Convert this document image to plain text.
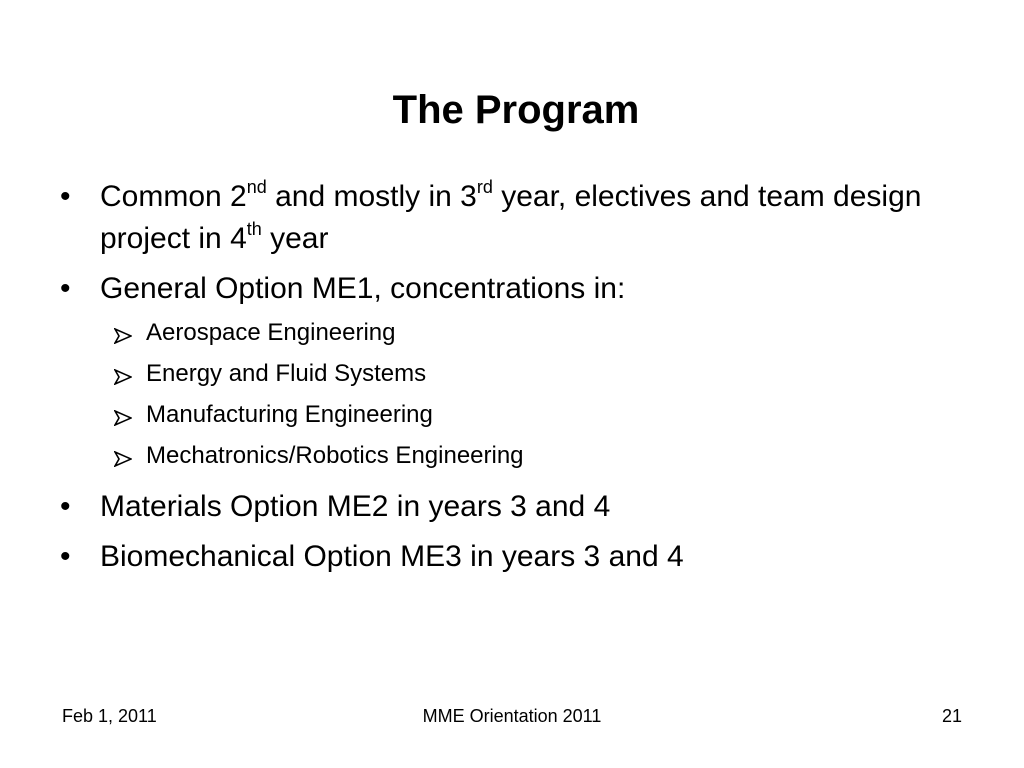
The Program
• Common 2nd and mostly in 3rd year, electives and team design project in 4th year
• General Option ME1, concentrations in:
Aerospace Engineering
Energy and Fluid Systems
Manufacturing Engineering
Mechatronics/Robotics Engineering
• Materials Option ME2 in years 3 and 4
• Biomechanical Option ME3 in years 3 and 4
Feb 1, 2011	MME Orientation 2011	21
